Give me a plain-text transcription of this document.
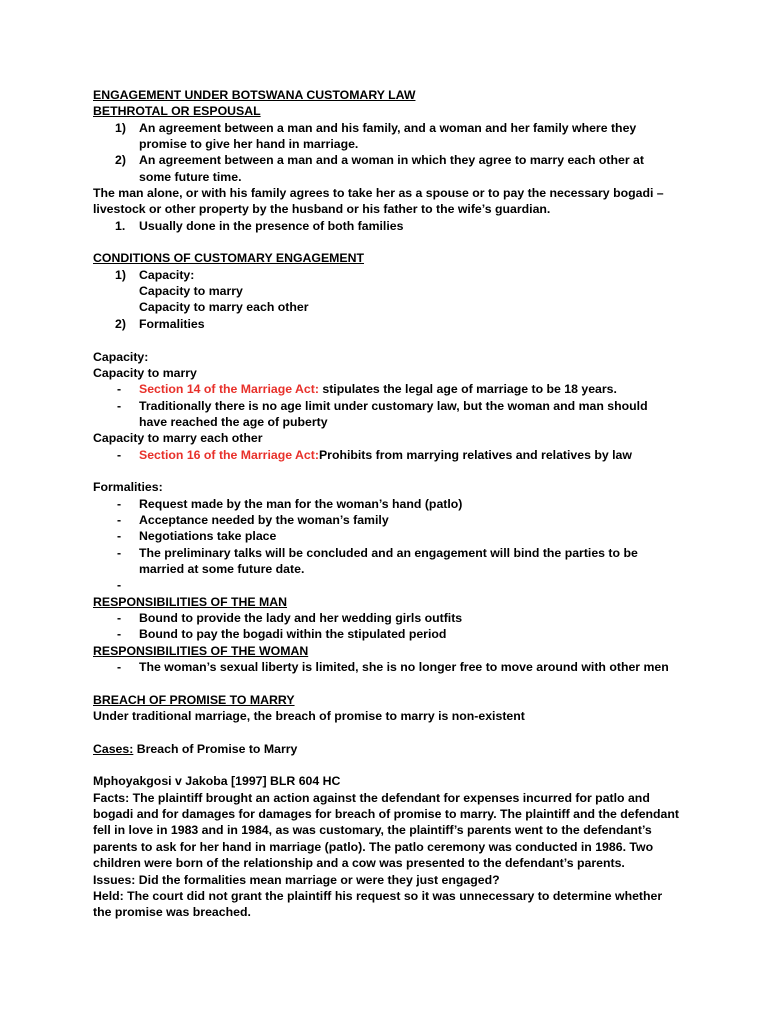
ENGAGEMENT UNDER BOTSWANA CUSTOMARY LAW
BETHROTAL OR ESPOUSAL
1)	An agreement between a man and his family, and a woman and her family where they
promise to give her hand in marriage.
2)	An agreement between a man and a woman in which they agree to marry each other at
some future time.
The man alone, or with his family agrees to take her as a spouse or to pay the necessary bogadi –
livestock or other property by the husband or his father to the wife’s guardian.
1.	Usually done in the presence of both families
CONDITIONS OF CUSTOMARY ENGAGEMENT
1)	Capacity:
Capacity to marry
Capacity to marry each other
2)	Formalities
Capacity:
Capacity to marry
- Section 14 of the Marriage Act: stipulates the legal age of marriage to be 18 years.
- Traditionally there is no age limit under customary law, but the woman and man should
have reached the age of puberty
Capacity to marry each other
- Section 16 of the Marriage Act:Prohibits from marrying relatives and relatives by law
Formalities:
- Request made by the man for the woman’s hand (patlo)
- Acceptance needed by the woman’s family
- Negotiations take place
- The preliminary talks will be concluded and an engagement will bind the parties to be
married at some future date.
-
RESPONSIBILITIES OF THE MAN
- Bound to provide the lady and her wedding girls outfits
- Bound to pay the bogadi within the stipulated period
RESPONSIBILITIES OF THE WOMAN
- The woman’s sexual liberty is limited, she is no longer free to move around with other men
BREACH OF PROMISE TO MARRY
Under traditional marriage, the breach of promise to marry is non-existent
Cases: Breach of Promise to Marry
Mphoyakgosi v Jakoba [1997] BLR 604 HC
Facts: The plaintiff brought an action against the defendant for expenses incurred for patlo and
bogadi and for damages for damages for breach of promise to marry. The plaintiff and the defendant
fell in love in 1983 and in 1984, as was customary, the plaintiff’s parents went to the defendant’s
parents to ask for her hand in marriage (patlo). The patlo ceremony was conducted in 1986. Two
children were born of the relationship and a cow was presented to the defendant’s parents.
Issues: Did the formalities mean marriage or were they just engaged?
Held: The court did not grant the plaintiff his request so it was unnecessary to determine whether
the promise was breached.
